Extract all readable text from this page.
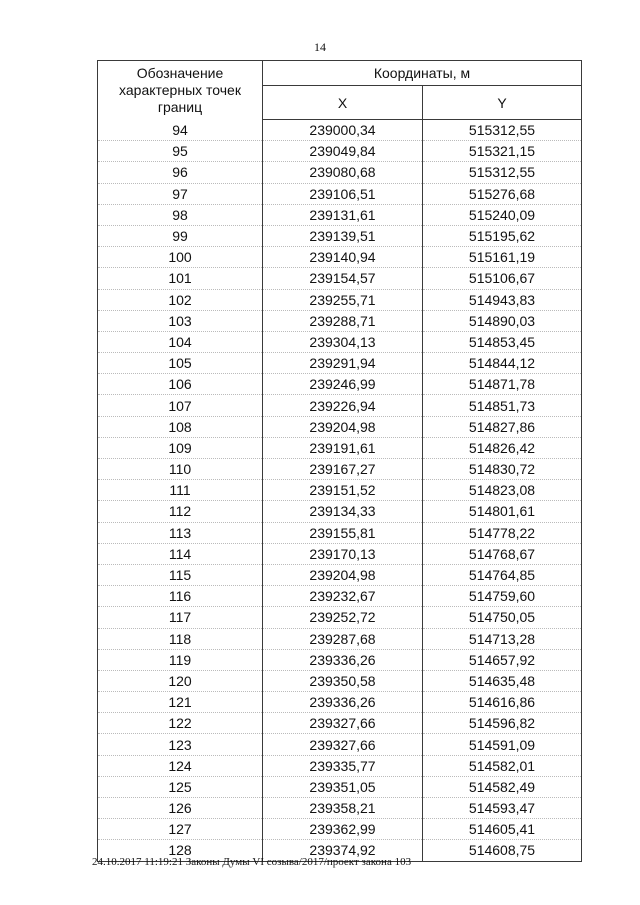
14
Обозначение характерных точек границ	Координаты, м	
	X	Y
94	239000,34	515312,55
95	239049,84	515321,15
96	239080,68	515312,55
97	239106,51	515276,68
98	239131,61	515240,09
99	239139,51	515195,62
100	239140,94	515161,19
101	239154,57	515106,67
102	239255,71	514943,83
103	239288,71	514890,03
104	239304,13	514853,45
105	239291,94	514844,12
106	239246,99	514871,78
107	239226,94	514851,73
108	239204,98	514827,86
109	239191,61	514826,42
110	239167,27	514830,72
111	239151,52	514823,08
112	239134,33	514801,61
113	239155,81	514778,22
114	239170,13	514768,67
115	239204,98	514764,85
116	239232,67	514759,60
117	239252,72	514750,05
118	239287,68	514713,28
119	239336,26	514657,92
120	239350,58	514635,48
121	239336,26	514616,86
122	239327,66	514596,82
123	239327,66	514591,09
124	239335,77	514582,01
125	239351,05	514582,49
126	239358,21	514593,47
127	239362,99	514605,41
128	239374,92	514608,75
24.10.2017 11:19:21 Законы Думы VI созыва/2017/проект закона 103
